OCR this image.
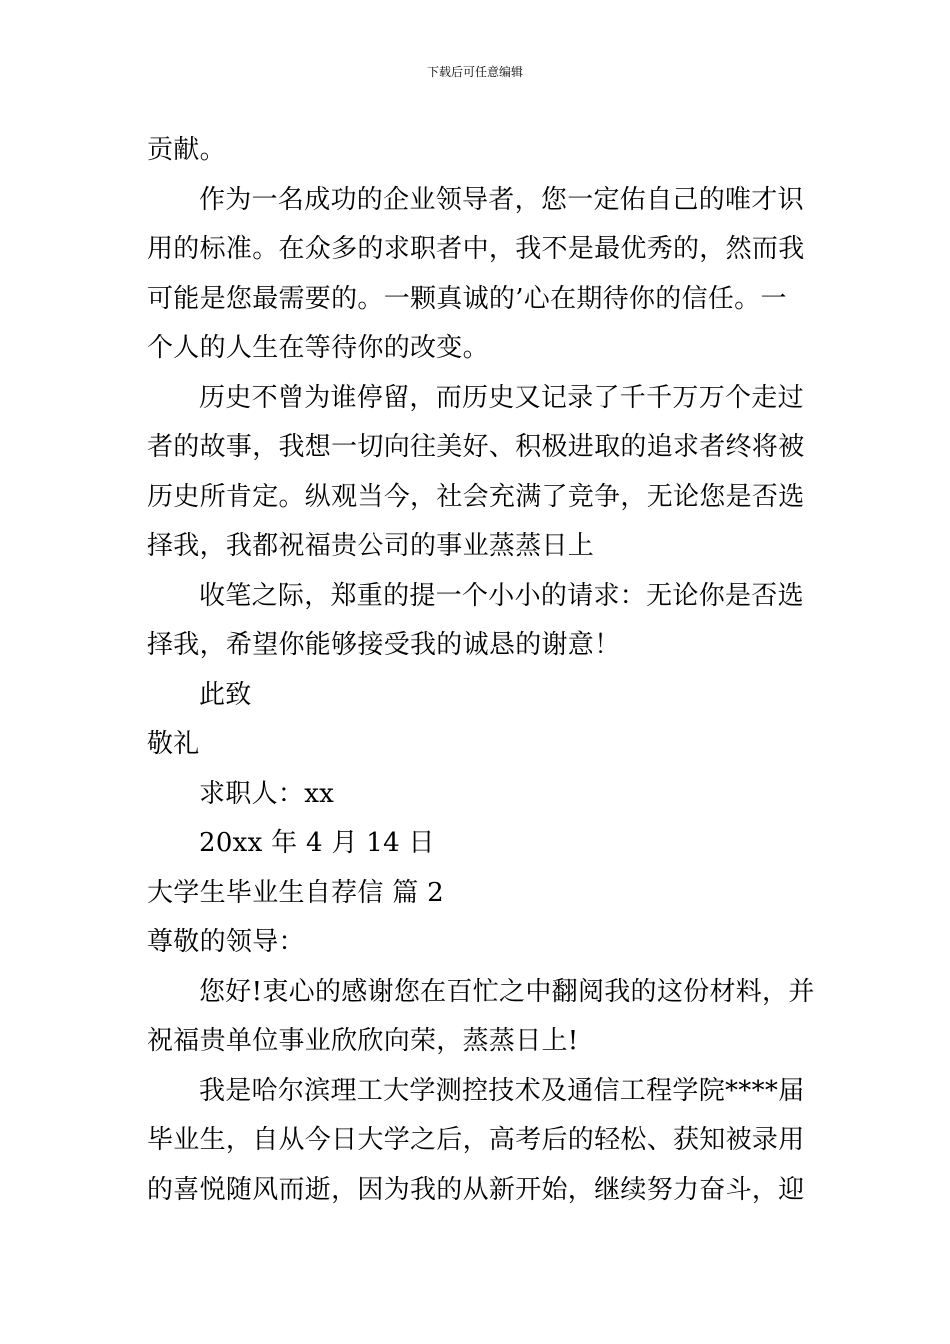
下载后可任意编辑
贡献。
作为一名成功的企业领导者，您一定佑自己的唯才识
用的标准。在众多的求职者中，我不是最优秀的，然而我
可能是您最需要的。一颗真诚的’心在期待你的信任。一
个人的人生在等待你的改变。
历史不曾为谁停留，而历史又记录了千千万万个走过
者的故事，我想一切向往美好、积极进取的追求者终将被
历史所肯定。纵观当今，社会充满了竞争，无论您是否选
择我，我都祝福贵公司的事业蒸蒸日上
收笔之际，郑重的提一个小小的请求：无论你是否选
择我，希望你能够接受我的诚恳的谢意！
此致
敬礼
求职人：xx
20xx 年 4 月 14 日
大学生毕业生自荐信 篇 2
尊敬的领导：
您好!衷心的感谢您在百忙之中翻阅我的这份材料，并
祝福贵单位事业欣欣向荣，蒸蒸日上!
我是哈尔滨理工大学测控技术及通信工程学院****届
毕业生，自从今日大学之后，高考后的轻松、获知被录用
的喜悦随风而逝，因为我的从新开始，继续努力奋斗，迎
